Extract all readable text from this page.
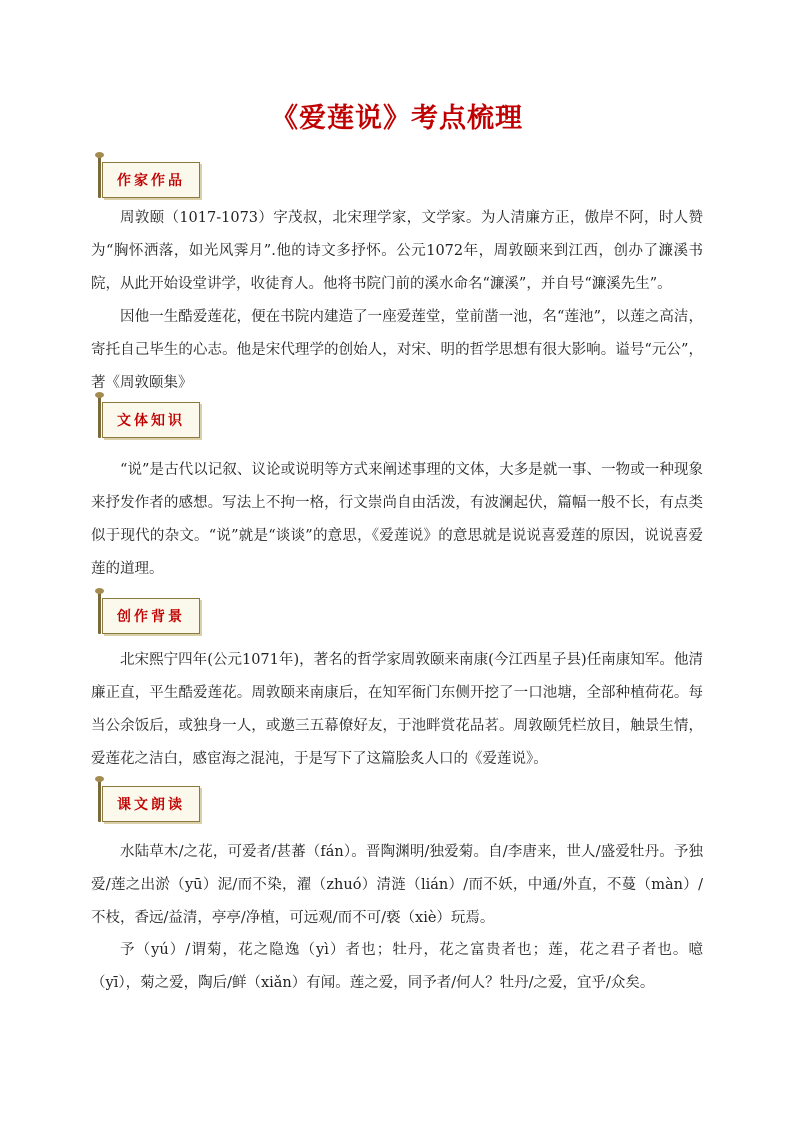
《爱莲说》考点梳理
作家作品
周敦颐（1017-1073）字茂叔，北宋理学家，文学家。为人清廉方正，傲岸不阿，时人赞为“胸怀洒落，如光风霁月”.他的诗文多抒怀。公元1072年，周敦颐来到江西，创办了濂溪书院，从此开始设堂讲学，收徒育人。他将书院门前的溪水命名“濂溪”，并自号“濂溪先生”。
因他一生酷爱莲花，便在书院内建造了一座爱莲堂，堂前凿一池，名“莲池”，以莲之高洁，寄托自己毕生的心志。他是宋代理学的创始人，对宋、明的哲学思想有很大影响。谥号“元公”，著《周敦颐集》
文体知识
“说”是古代以记叙、议论或说明等方式来阐述事理的文体，大多是就一事、一物或一种现象来抒发作者的感想。写法上不拘一格，行文崇尚自由活泼，有波澜起伏，篇幅一般不长，有点类似于现代的杂文。“说”就是“谈谈”的意思，《爱莲说》的意思就是说说喜爱莲的原因，说说喜爱莲的道理。
创作背景
北宋熙宁四年(公元1071年)，著名的哲学家周敦颐来南康(今江西星子县)任南康知军。他清廉正直，平生酷爱莲花。周敦颐来南康后，在知军衙门东侧开挖了一口池塘，全部种植荷花。每当公余饭后，或独身一人，或邀三五幕僚好友，于池畔赏花品茗。周敦颐凭栏放目，触景生情，爱莲花之洁白，感宦海之混沌，于是写下了这篇脍炙人口的《爱莲说》。
课文朗读
水陆草木/之花，可爱者/甚蕃（fán）。晋陶渊明/独爱菊。自/李唐来，世人/盛爱牡丹。予独爱/莲之出淤（yū）泥/而不染，濯（zhuó）清涟（lián）/而不妖，中通/外直，不蔓（màn）/不枝，香远/益清，亭亭/净植，可远观/而不可/亵（xiè）玩焉。
予（yú）/谓菊，花之隐逸（yì）者也；牡丹，花之富贵者也；莲，花之君子者也。噫（yī），菊之爱，陶后/鲜（xiǎn）有闻。莲之爱，同予者/何人？牡丹/之爱，宜乎/众矣。
